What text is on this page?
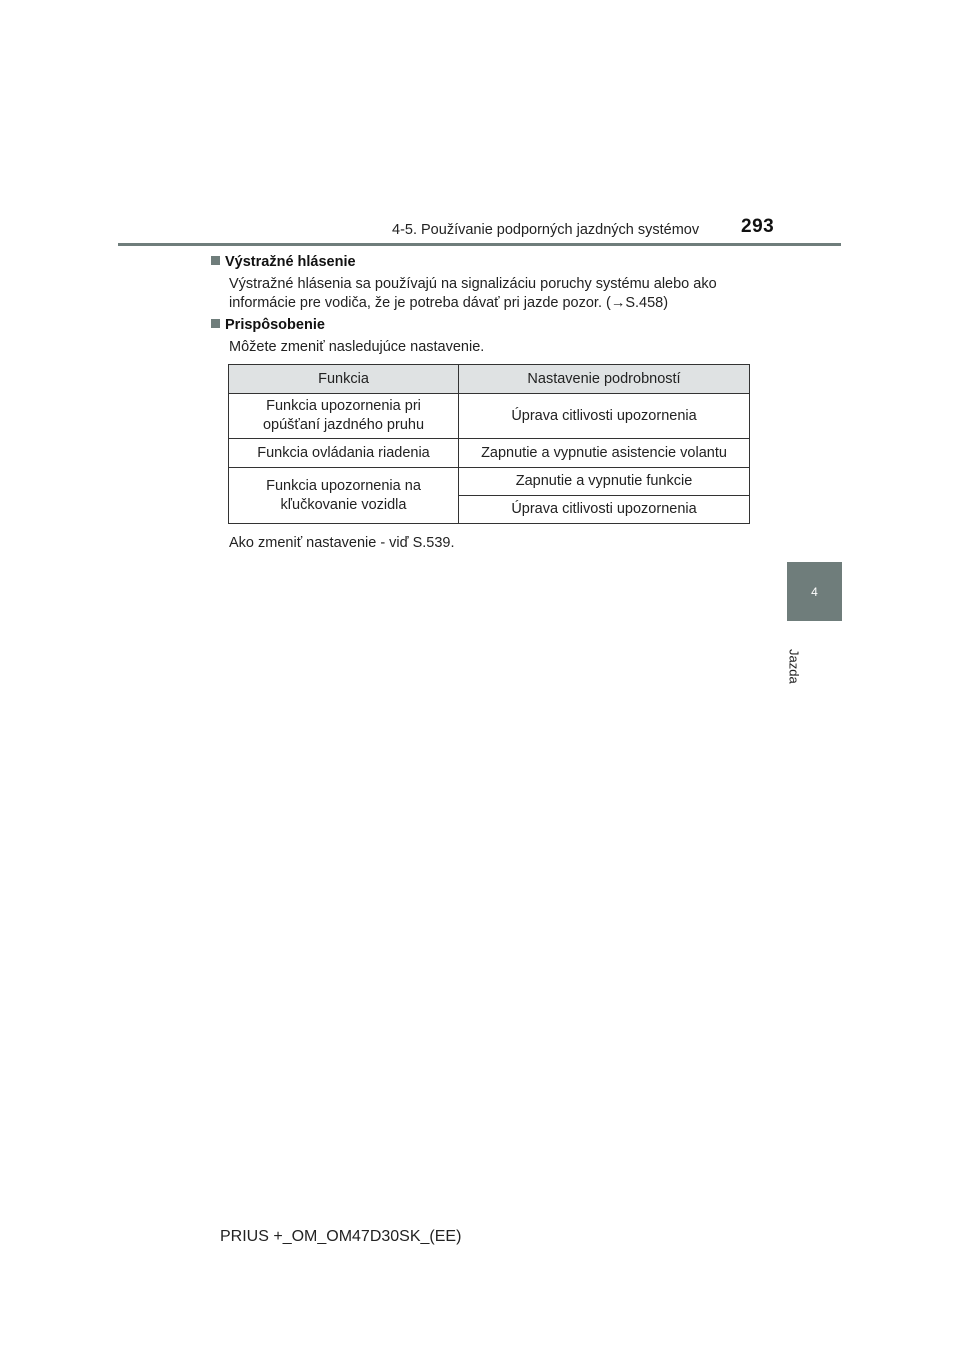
4-5. Používanie podporných jazdných systémov 293
4
Jazda
Výstražné hlásenie
Výstražné hlásenia sa používajú na signalizáciu poruchy systému alebo ako
informácie pre vodiča, že je potreba dávať pri jazde pozor. (→S.458)
Prispôsobenie
Môžete zmeniť nasledujúce nastavenie.
Funkcia	Nastavenie podrobností

Funkcia upozornenia pri
opúšťaní jazdného pruhu	Úprava citlivosti upozornenia
Funkcia ovládania riadenia	Zapnutie a vypnutie asistencie volantu

Funkcia upozornenia na
kľučkovanie vozidla	Zapnutie a vypnutie funkcie
	Úprava citlivosti upozornenia
Ako zmeniť nastavenie - viď S.539.
PRIUS +_OM_OM47D30SK_(EE)
